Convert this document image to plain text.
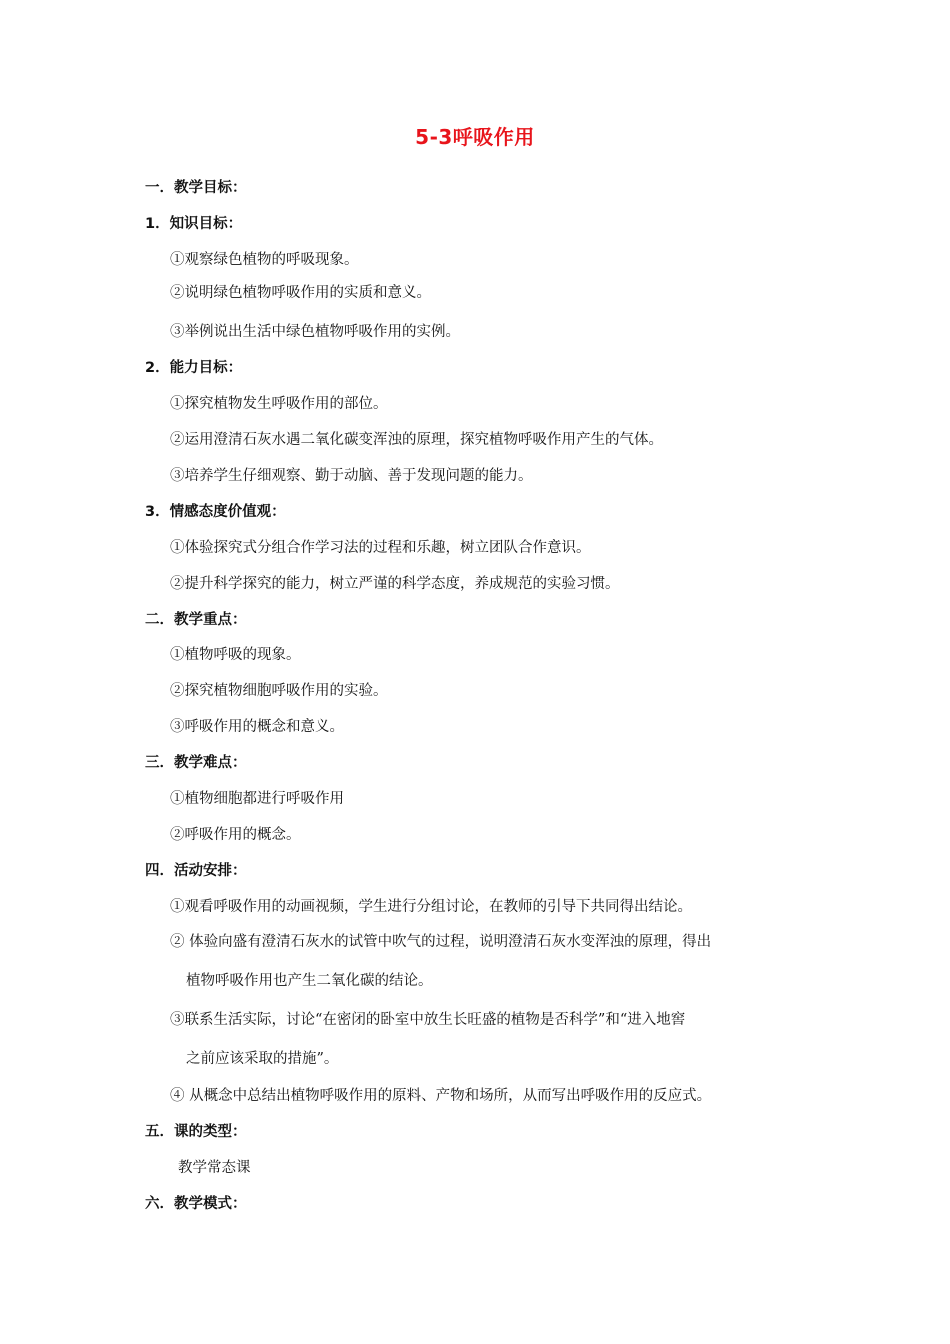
5-3呼吸作用
一．教学目标：
1．知识目标：
①观察绿色植物的呼吸现象。
②说明绿色植物呼吸作用的实质和意义。
③举例说出生活中绿色植物呼吸作用的实例。
2．能力目标：
①探究植物发生呼吸作用的部位。
②运用澄清石灰水遇二氧化碳变浑浊的原理，探究植物呼吸作用产生的气体。
③培养学生仔细观察、勤于动脑、善于发现问题的能力。
3．情感态度价值观：
①体验探究式分组合作学习法的过程和乐趣，树立团队合作意识。
②提升科学探究的能力，树立严谨的科学态度，养成规范的实验习惯。
二．教学重点：
①植物呼吸的现象。
②探究植物细胞呼吸作用的实验。
③呼吸作用的概念和意义。
三．教学难点：
①植物细胞都进行呼吸作用
②呼吸作用的概念。
四．活动安排：
①观看呼吸作用的动画视频，学生进行分组讨论，在教师的引导下共同得出结论。
② 体验向盛有澄清石灰水的试管中吹气的过程，说明澄清石灰水变浑浊的原理，得出
植物呼吸作用也产生二氧化碳的结论。
③联系生活实际，讨论“在密闭的卧室中放生长旺盛的植物是否科学”和“进入地窖
之前应该采取的措施”。
④ 从概念中总结出植物呼吸作用的原料、产物和场所，从而写出呼吸作用的反应式。
五．课的类型：
教学常态课
六．教学模式：
